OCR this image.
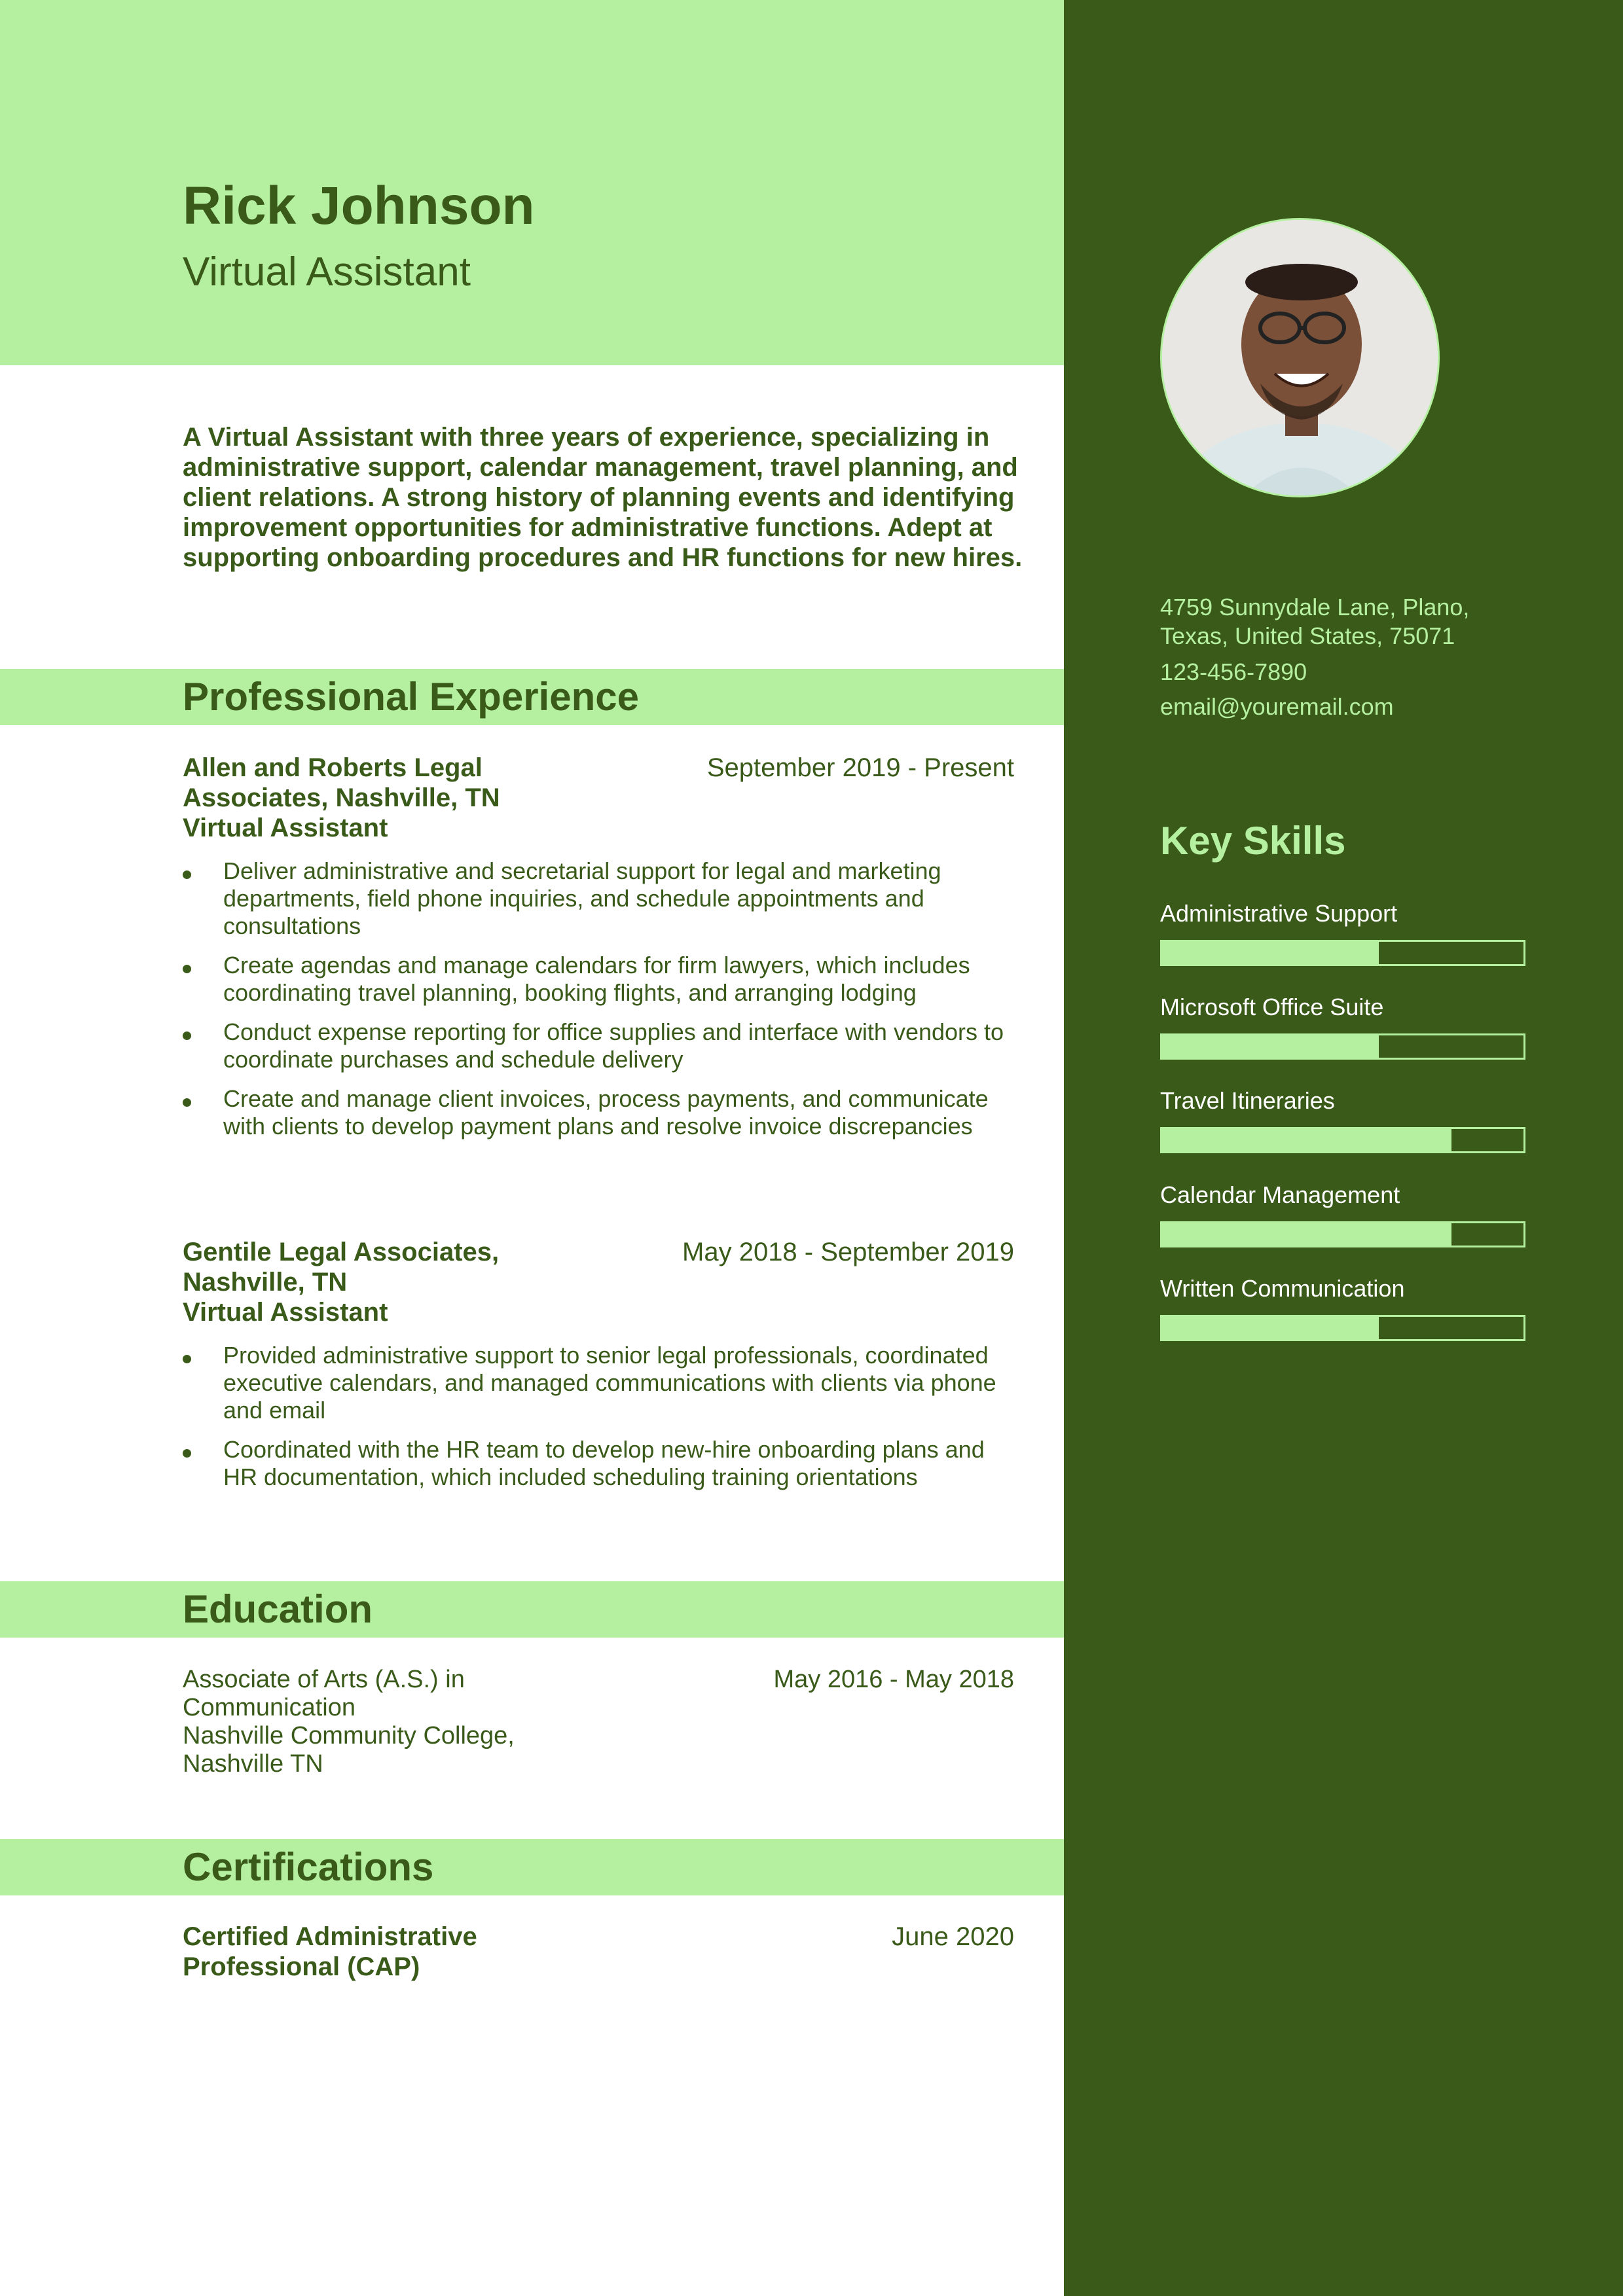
Rick Johnson
Virtual Assistant

A Virtual Assistant with three years of experience, specializing in administrative support, calendar management, travel planning, and client relations. A strong history of planning events and identifying improvement opportunities for administrative functions. Adept at supporting onboarding procedures and HR functions for new hires.

Professional Experience
Allen and Roberts Legal Associates, Nashville, TN
Virtual Assistant
September 2019 - Present
Deliver administrative and secretarial support for legal and marketing departments, field phone inquiries, and schedule appointments and consultations
Create agendas and manage calendars for firm lawyers, which includes coordinating travel planning, booking flights, and arranging lodging
Conduct expense reporting for office supplies and interface with vendors to coordinate purchases and schedule delivery
Create and manage client invoices, process payments, and communicate with clients to develop payment plans and resolve invoice discrepancies
Gentile Legal Associates, Nashville, TN
Virtual Assistant
May 2018 - September 2019
Provided administrative support to senior legal professionals, coordinated executive calendars, and managed communications with clients via phone and email
Coordinated with the HR team to develop new-hire onboarding plans and HR documentation, which included scheduling training orientations
Education
Associate of Arts (A.S.) in Communication
Nashville Community College, Nashville TN
May 2016 - May 2018
Certifications
Certified Administrative Professional (CAP)
June 2020
4759 Sunnydale Lane, Plano,
Texas, United States, 75071
123-456-7890
email@youremail.com
Key Skills
Administrative Support
Microsoft Office Suite
Travel Itineraries
Calendar Management
Written Communication
